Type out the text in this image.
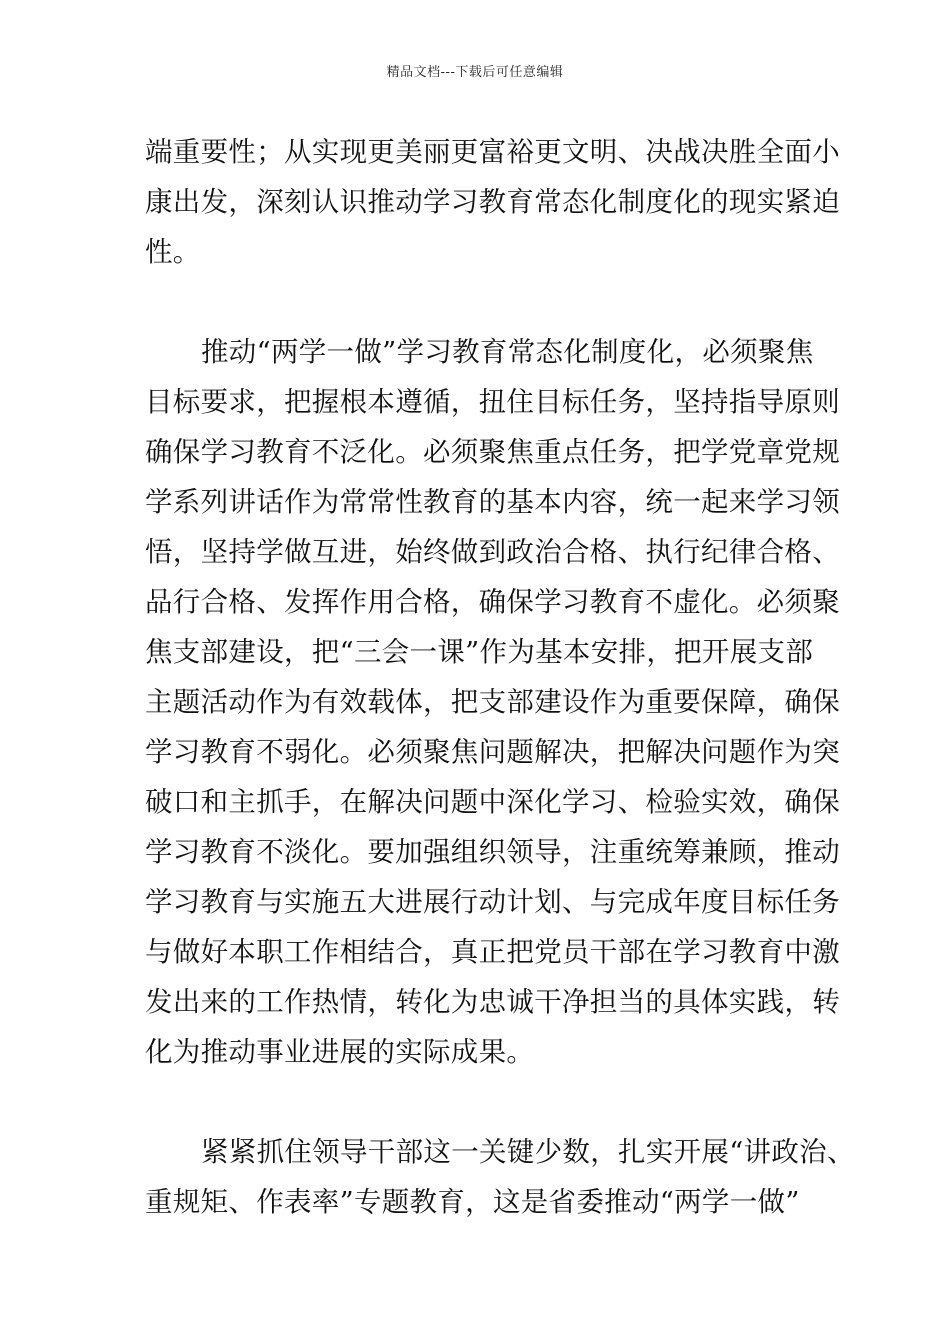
精品文档---下载后可任意编辑
端重要性；从实现更美丽更富裕更文明、决战决胜全面小
康出发，深刻认识推动学习教育常态化制度化的现实紧迫
性。
推动“两学一做”学习教育常态化制度化，必须聚焦
目标要求，把握根本遵循，扭住目标任务，坚持指导原则
确保学习教育不泛化。必须聚焦重点任务，把学党章党规
学系列讲话作为常常性教育的基本内容，统一起来学习领
悟，坚持学做互进，始终做到政治合格、执行纪律合格、
品行合格、发挥作用合格，确保学习教育不虚化。必须聚
焦支部建设，把“三会一课”作为基本安排，把开展支部
主题活动作为有效载体，把支部建设作为重要保障，确保
学习教育不弱化。必须聚焦问题解决，把解决问题作为突
破口和主抓手，在解决问题中深化学习、检验实效，确保
学习教育不淡化。要加强组织领导，注重统筹兼顾，推动
学习教育与实施五大进展行动计划、与完成年度目标任务
与做好本职工作相结合，真正把党员干部在学习教育中激
发出来的工作热情，转化为忠诚干净担当的具体实践，转
化为推动事业进展的实际成果。
紧紧抓住领导干部这一关键少数，扎实开展“讲政治、
重规矩、作表率”专题教育，这是省委推动“两学一做”
